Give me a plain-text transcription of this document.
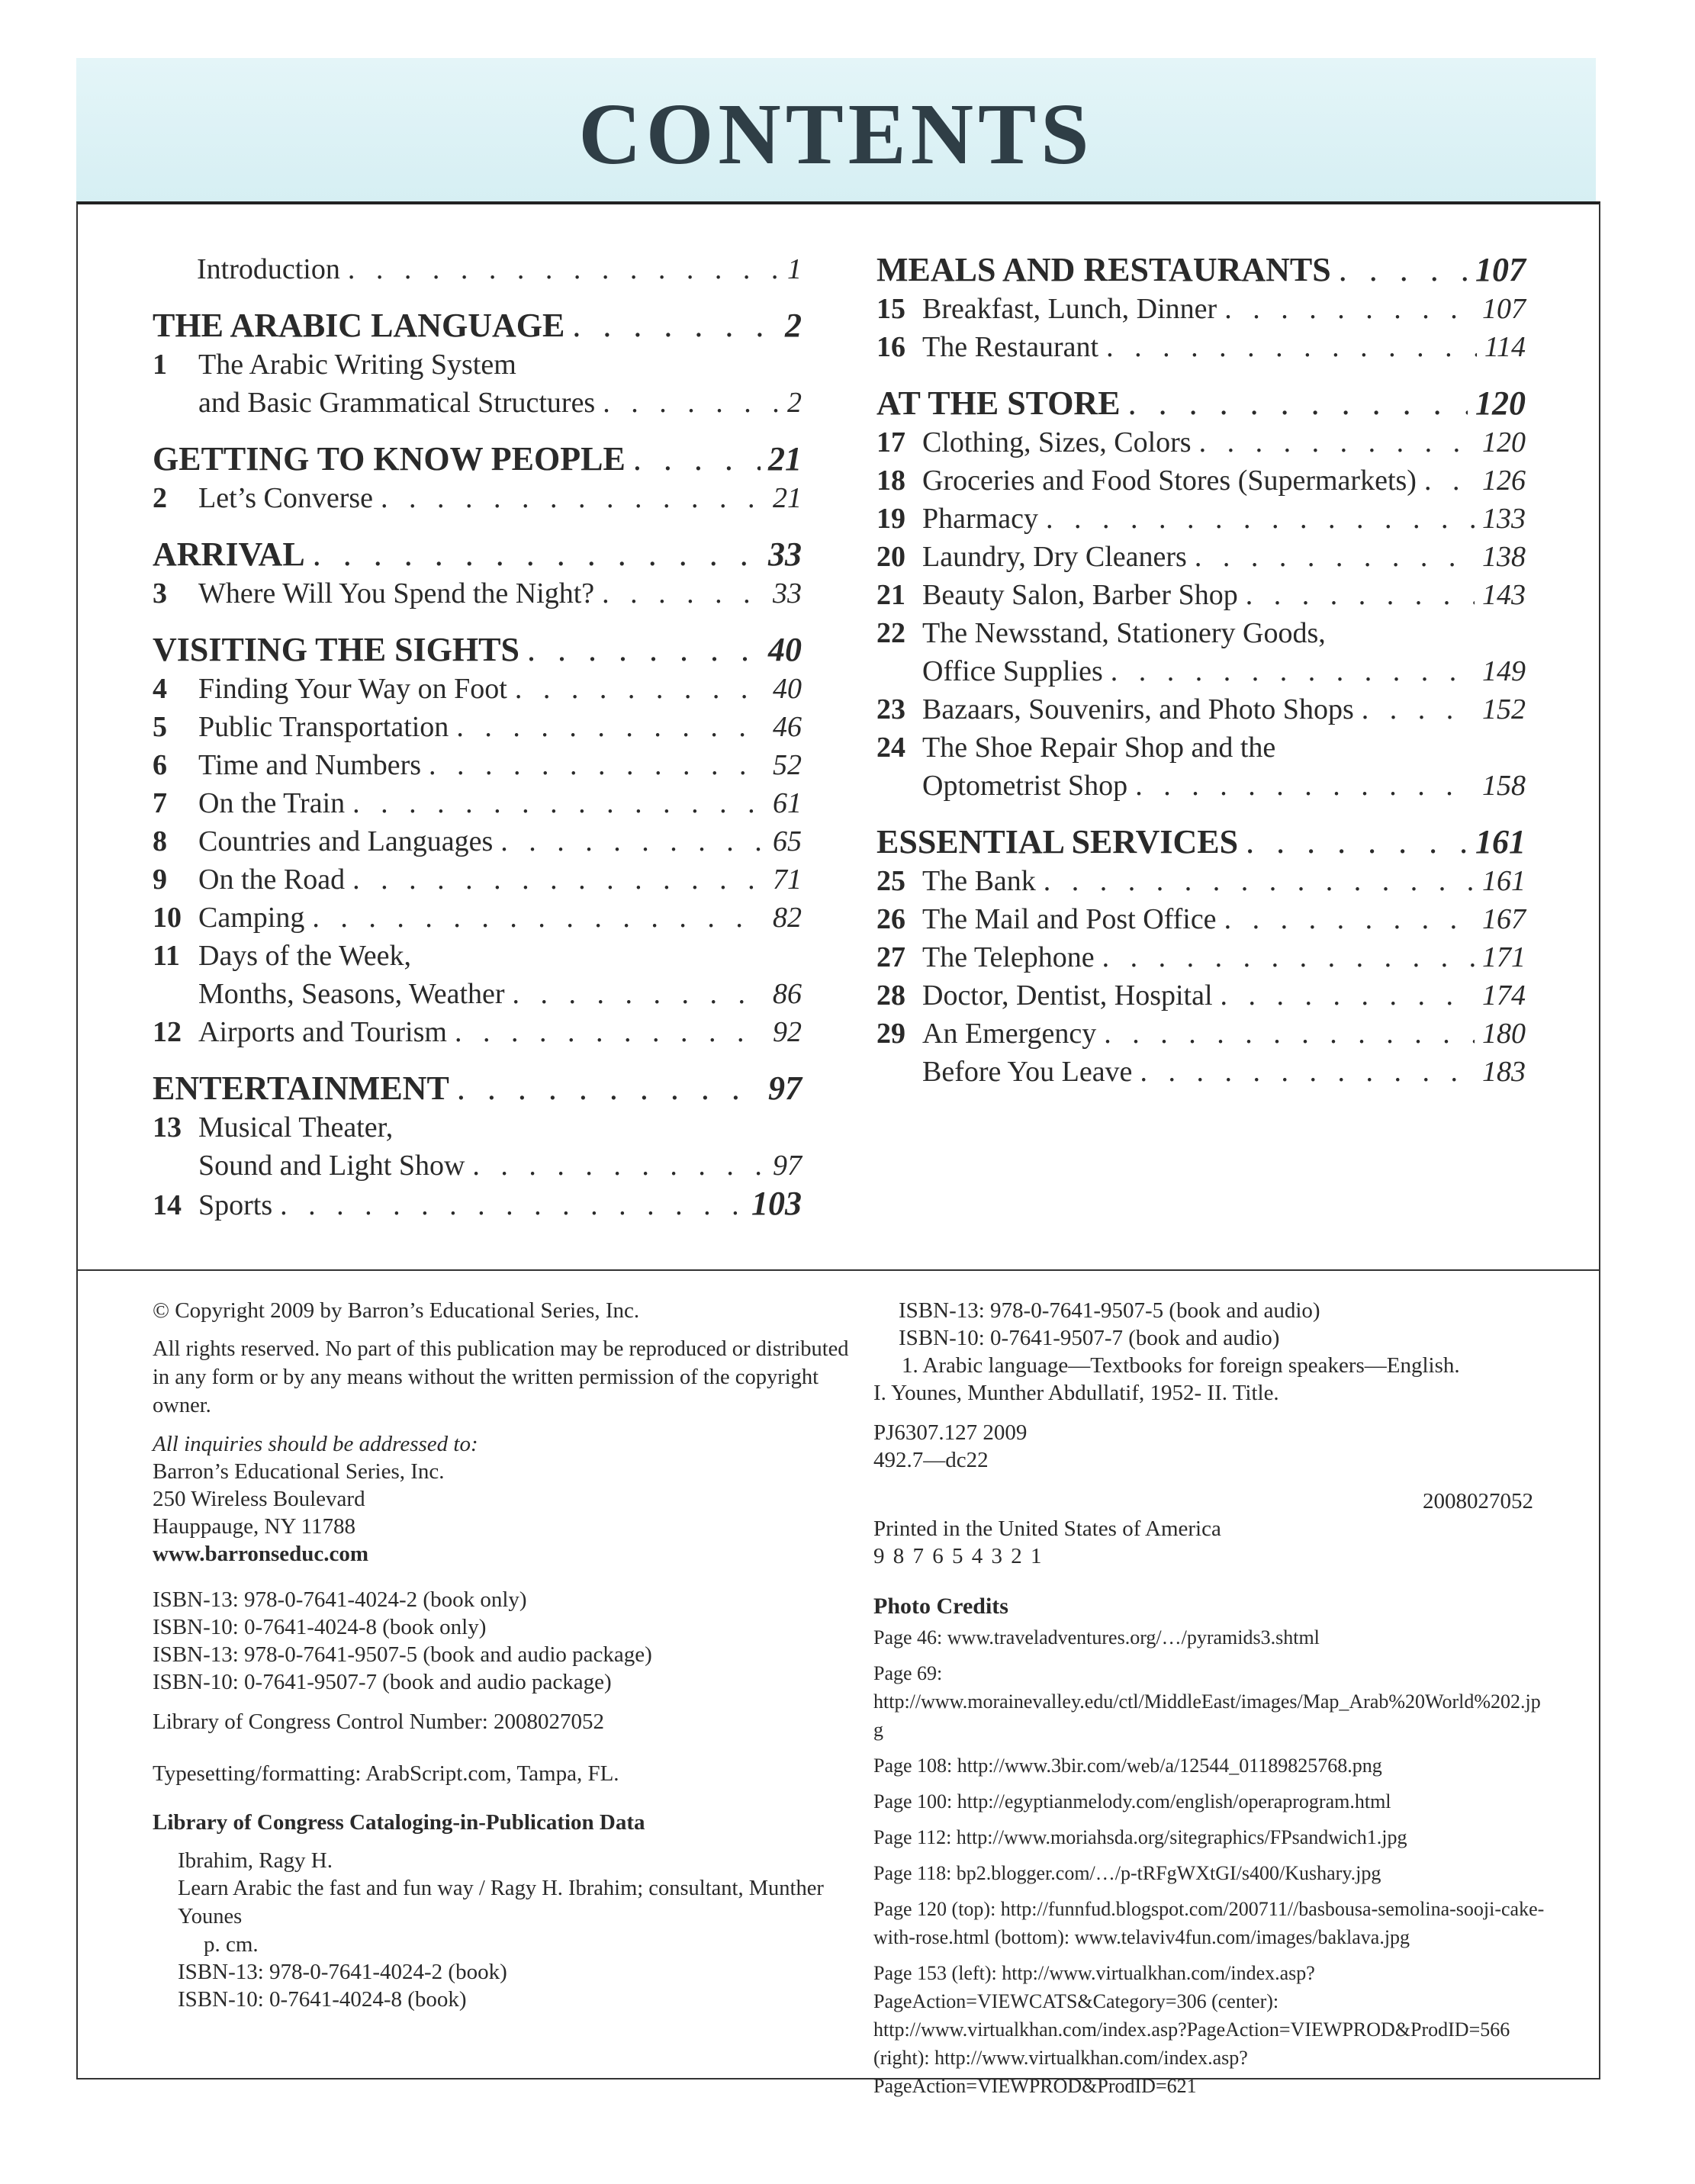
CONTENTS
Introduction . . .	1
THE ARABIC LANGUAGE . . .	2
1	The Arabic Writing System
and Basic Grammatical Structures . . .	2
GETTING TO KNOW PEOPLE . . .	21
2	Let’s Converse . . .	21
ARRIVAL . . .	33
3	Where Will You Spend the Night? . . .	33
VISITING THE SIGHTS . . .	40
4	Finding Your Way on Foot . . .	40
5	Public Transportation . . .	46
6	Time and Numbers . . .	52
7	On the Train . . .	61
8	Countries and Languages . . .	65
9	On the Road . . .	71
10 Camping . . .	82
11 Days of the Week,
Months, Seasons, Weather . . .	86
12 Airports and Tourism . . .	92
ENTERTAINMENT . . .	97
13 Musical Theater,
Sound and Light Show . . .	97
14 Sports . . .	103
MEALS AND RESTAURANTS . . .	107
15 Breakfast, Lunch, Dinner . . .	107
16 The Restaurant . . .	114
AT THE STORE . . .	120
17 Clothing, Sizes, Colors . . .	120
18 Groceries and Food Stores (Supermarkets) . . . 126
19 Pharmacy . . .	133
20 Laundry, Dry Cleaners . . .	138
21 Beauty Salon, Barber Shop . . .	143
22 The Newsstand, Stationery Goods,
Office Supplies . . .	149
23 Bazaars, Souvenirs, and Photo Shops . . .	152
24 The Shoe Repair Shop and the
Optometrist Shop . . .	158
ESSENTIAL SERVICES . . .	161
25 The Bank . . .	161
26 The Mail and Post Office . . .	167
27 The Telephone . . .	171
28 Doctor, Dentist, Hospital . . .	174
29 An Emergency . . .	180
Before You Leave . . .	183
© Copyright 2009 by Barron’s Educational Series, Inc.
All rights reserved. No part of this publication may be reproduced or distributed in any form or by any means without the written permission of the copyright owner.
All inquiries should be addressed to:
Barron’s Educational Series, Inc.
250 Wireless Boulevard
Hauppauge, NY 11788
www.barronseduc.com
ISBN-13: 978-0-7641-4024-2 (book only)
ISBN-10: 0-7641-4024-8 (book only)
ISBN-13: 978-0-7641-9507-5 (book and audio package)
ISBN-10: 0-7641-9507-7 (book and audio package)
Library of Congress Control Number: 2008027052
Typesetting/formatting: ArabScript.com, Tampa, FL.
Library of Congress Cataloging-in-Publication Data
Ibrahim, Ragy H.
Learn Arabic the fast and fun way / Ragy H. Ibrahim; consultant, Munther Younes
p. cm.
ISBN-13: 978-0-7641-4024-2 (book)
ISBN-10: 0-7641-4024-8 (book)
ISBN-13: 978-0-7641-9507-5 (book and audio)
ISBN-10: 0-7641-9507-7 (book and audio)
1. Arabic language—Textbooks for foreign speakers—English.
I. Younes, Munther Abdullatif, 1952- II. Title.
PJ6307.127 2009
492.7—dc22
2008027052
Printed in the United States of America
9 8 7 6 5 4 3 2 1
Photo Credits
Page 46: www.traveladventures.org/…/pyramids3.shtml
Page 69: http://www.morainevalley.edu/ctl/MiddleEast/images/Map_Arab%20World%202.jpg
Page 108: http://www.3bir.com/web/a/12544_01189825768.png
Page 100: http://egyptianmelody.com/english/operaprogram.html
Page 112: http://www.moriahsda.org/sitegraphics/FPsandwich1.jpg
Page 118: bp2.blogger.com/…/p-tRFgWXtGI/s400/Kushary.jpg
Page 120 (top): http://funnfud.blogspot.com/200711//basbousa-semolina-sooji-cake-with-rose.html (bottom): www.telaviv4fun.com/images/baklava.jpg
Page 153 (left): http://www.virtualkhan.com/index.asp?PageAction=VIEWCATS&Category=306 (center): http://www.virtualkhan.com/index.asp?PageAction=VIEWPROD&ProdID=566 (right): http://www.virtualkhan.com/index.asp?PageAction=VIEWPROD&ProdID=621
